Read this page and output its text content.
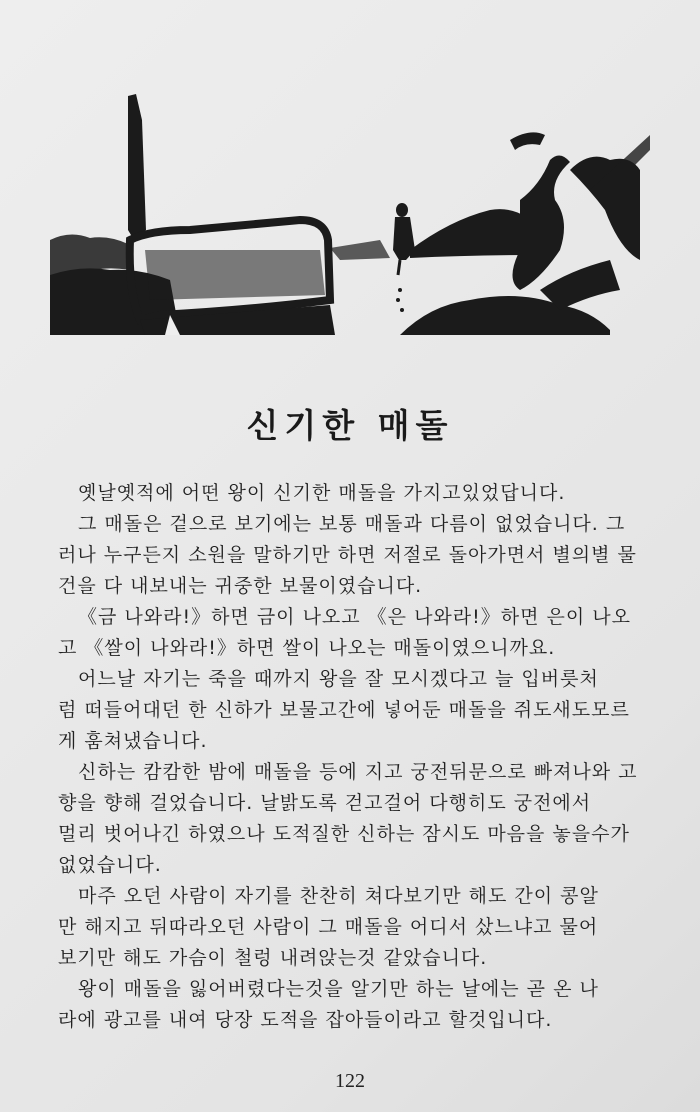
신기한 매돌

옛날옛적에 어떤 왕이 신기한 매돌을 가지고있었답니다.

그 매돌은 겉으로 보기에는 보통 매돌과 다름이 없었습니다. 그
러나 누구든지 소원을 말하기만 하면 저절로 돌아가면서 별의별 물
건을 다 내보내는 귀중한 보물이였습니다.

《금 나와라!》하면 금이 나오고 《은 나와라!》하면 은이 나오
고 《쌀이 나와라!》하면 쌀이 나오는 매돌이였으니까요.

어느날 자기는 죽을 때까지 왕을 잘 모시겠다고 늘 입버릇처
럼 떠들어대던 한 신하가 보물고간에 넣어둔 매돌을 쥐도새도모르
게 훔쳐냈습니다.

신하는 캄캄한 밤에 매돌을 등에 지고 궁전뒤문으로 빠져나와 고
향을 향해 걸었습니다. 날밝도록 걷고걸어 다행히도 궁전에서
멀리 벗어나긴 하였으나 도적질한 신하는 잠시도 마음을 놓을수가
없었습니다.

마주 오던 사람이 자기를 찬찬히 쳐다보기만 해도 간이 콩알
만 해지고 뒤따라오던 사람이 그 매돌을 어디서 샀느냐고 물어
보기만 해도 가슴이 철렁 내려앉는것 같았습니다.

왕이 매돌을 잃어버렸다는것을 알기만 하는 날에는 곧 온 나
라에 광고를 내여 당장 도적을 잡아들이라고 할것입니다.

122
